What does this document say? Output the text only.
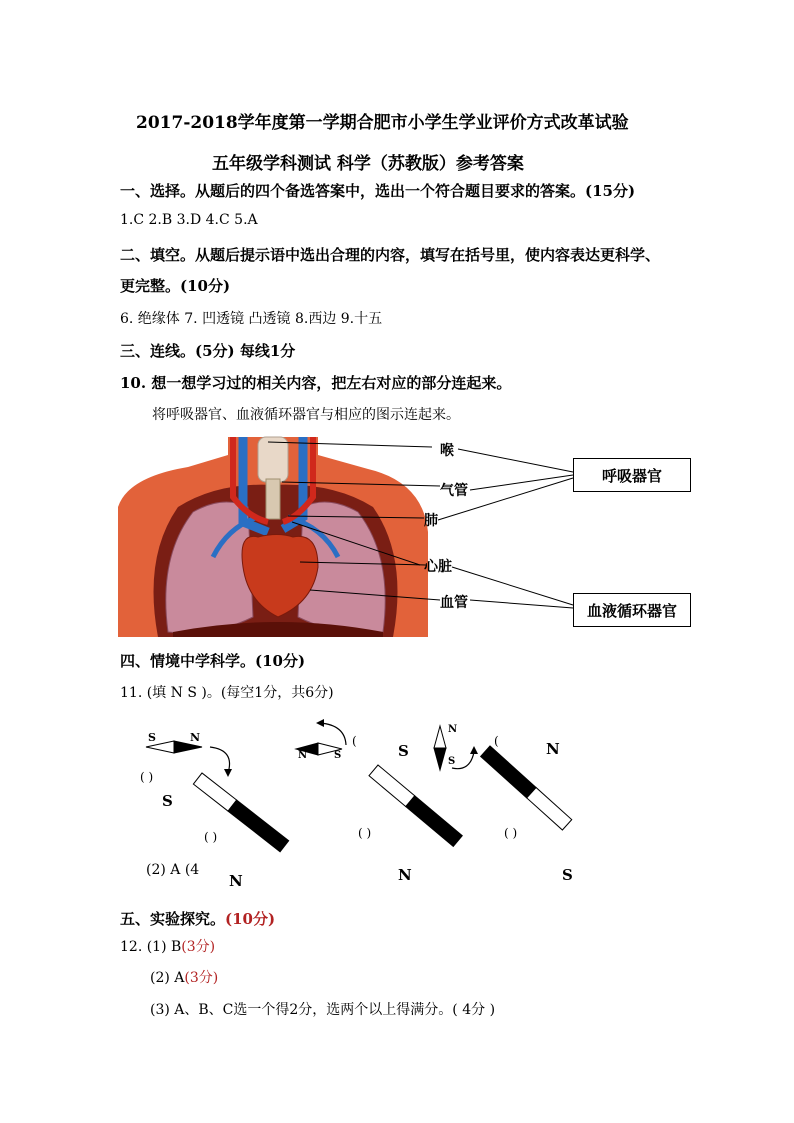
2017-2018学年度第一学期合肥市小学生学业评价方式改革试验
五年级学科测试 科学（苏教版）参考答案
一、选择。从题后的四个备选答案中，选出一个符合题目要求的答案。(15分)
1.C 2.B 3.D 4.C 5.A
二、填空。从题后提示语中选出合理的内容，填写在括号里，使内容表达更科学、
更完整。(10分)
6. 绝缘体 7. 凹透镜 凸透镜 8.西边 9.十五
三、连线。(5分) 每线1分
10. 想一想学习过的相关内容，把左右对应的部分连起来。
将呼吸器官、血液循环器官与相应的图示连起来。
喉
气管
肺
心脏
血管
呼吸器官
血液循环器官
四、情境中学科学。(10分)
11. (填 N S )。(每空1分，共6分)
S	N
( )
S
( )
N	S
(
S
( )
N
S
(	N
( )
(2) A (4
N	N	S
五、实验探究。(10分)
12. (1) B(3分)
(2) A(3分)
(3) A、B、C选一个得2分，选两个以上得满分。( 4分 )
